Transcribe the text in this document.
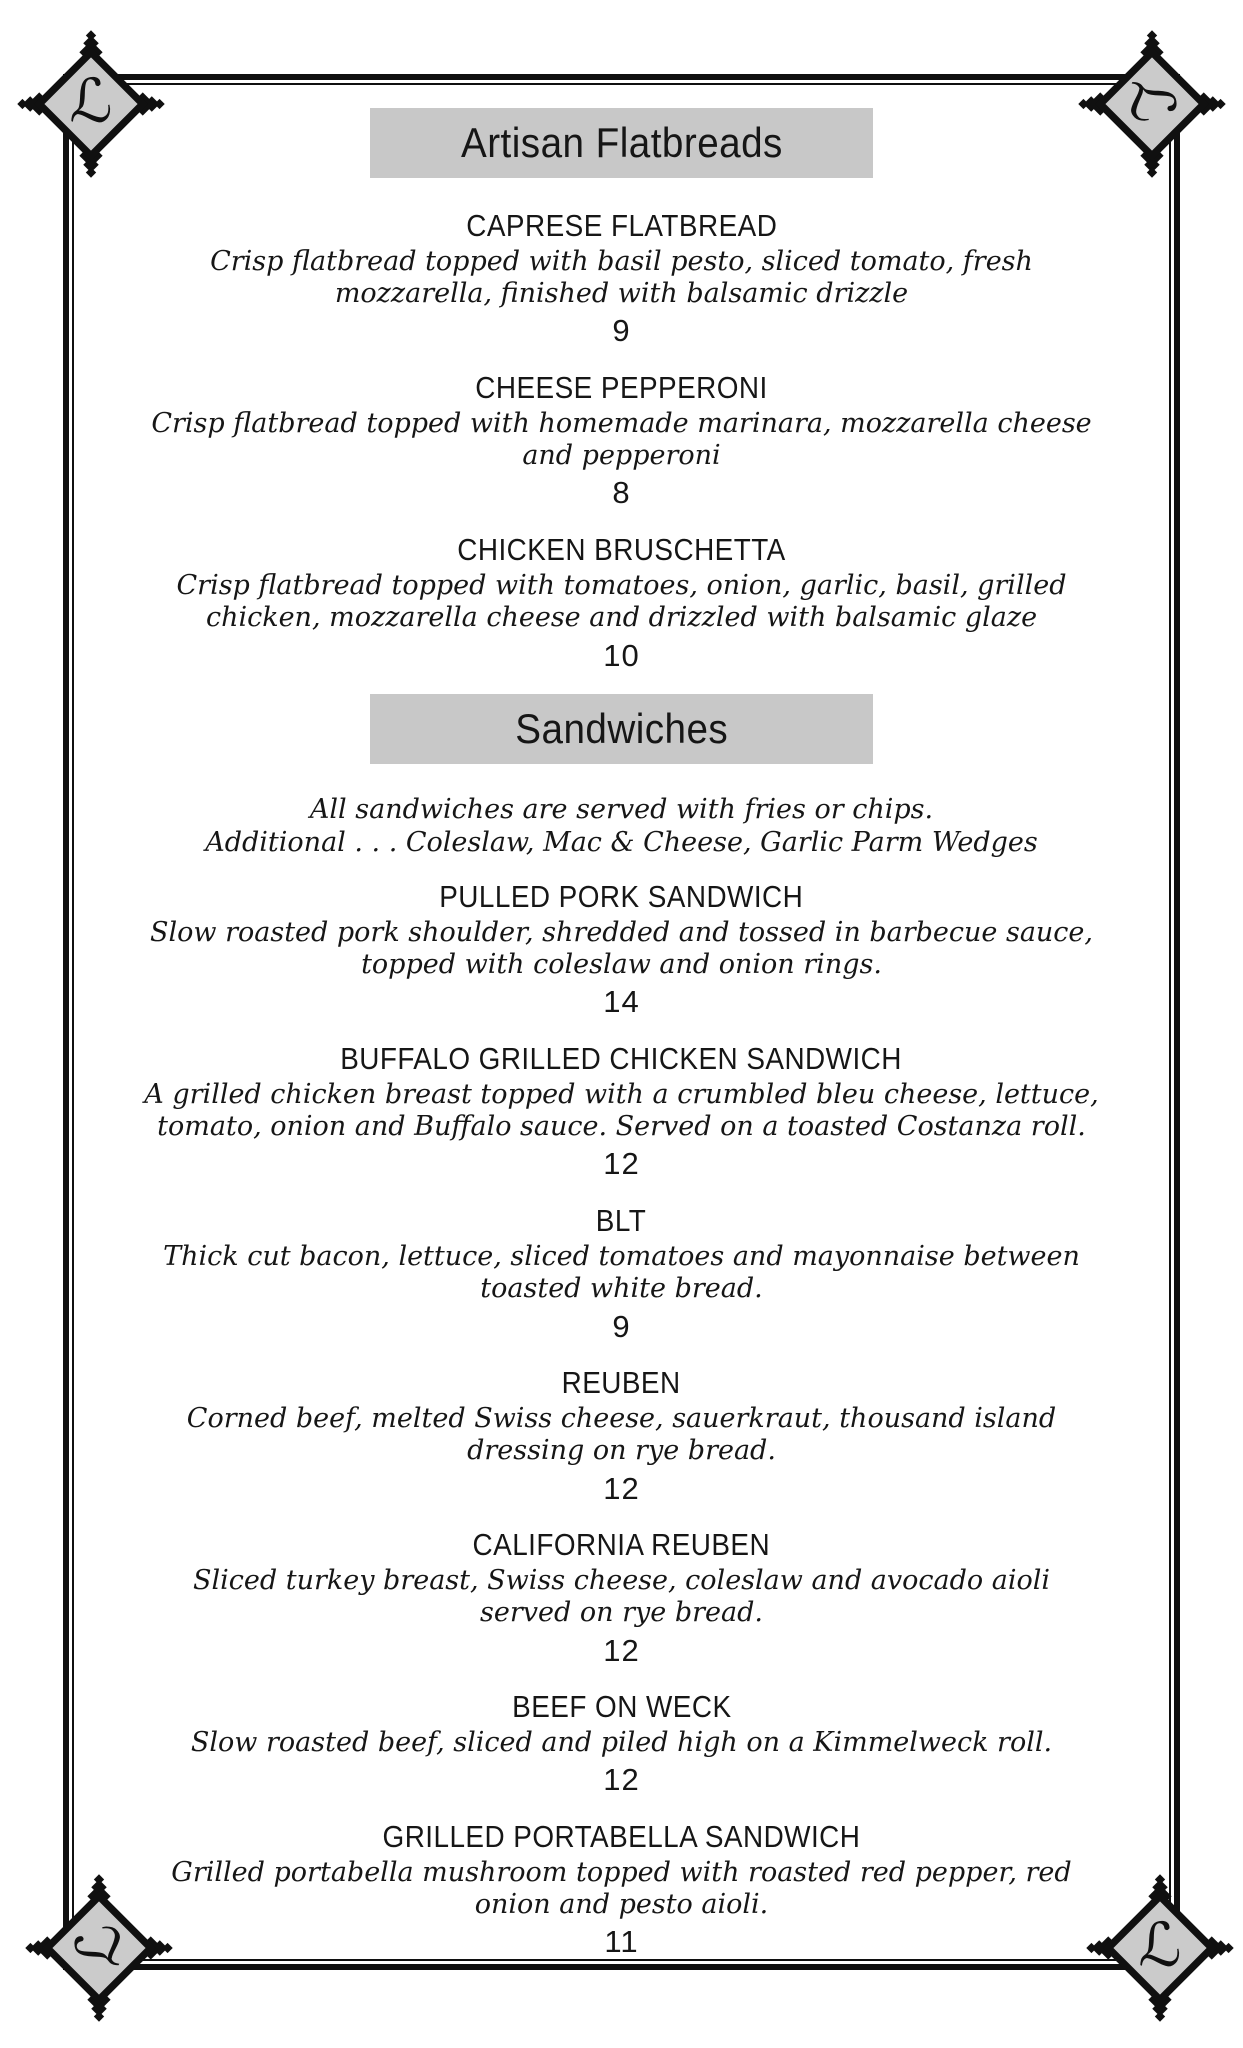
ℒ	ℒ
ℒ	ℒ
Artisan Flatbreads
CAPRESE FLATBREAD
Crisp flatbread topped with basil pesto, sliced tomato, fresh
mozzarella, finished with balsamic drizzle
9
CHEESE PEPPERONI
Crisp flatbread topped with homemade marinara, mozzarella cheese
and pepperoni
8
CHICKEN BRUSCHETTA
Crisp flatbread topped with tomatoes, onion, garlic, basil, grilled
chicken, mozzarella cheese and drizzled with balsamic glaze
10
Sandwiches
All sandwiches are served with fries or chips.
Additional . . . Coleslaw, Mac & Cheese, Garlic Parm Wedges
PULLED PORK SANDWICH
Slow roasted pork shoulder, shredded and tossed in barbecue sauce,
topped with coleslaw and onion rings.
14
BUFFALO GRILLED CHICKEN SANDWICH
A grilled chicken breast topped with a crumbled bleu cheese, lettuce,
tomato, onion and Buffalo sauce. Served on a toasted Costanza roll.
12
BLT
Thick cut bacon, lettuce, sliced tomatoes and mayonnaise between
toasted white bread.
9
REUBEN
Corned beef, melted Swiss cheese, sauerkraut, thousand island
dressing on rye bread.
12
CALIFORNIA REUBEN
Sliced turkey breast, Swiss cheese, coleslaw and avocado aioli
served on rye bread.
12
BEEF ON WECK
Slow roasted beef, sliced and piled high on a Kimmelweck roll.
12
GRILLED PORTABELLA SANDWICH
Grilled portabella mushroom topped with roasted red pepper, red
onion and pesto aioli.
11
